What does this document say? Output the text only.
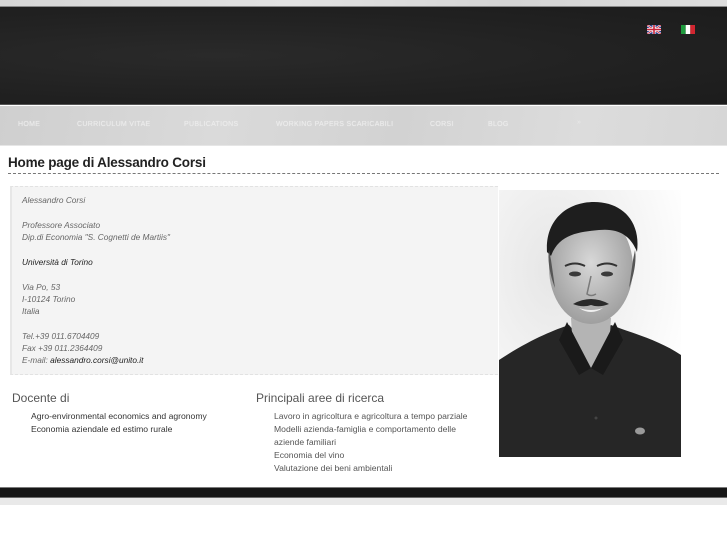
HOME	CURRICULUM VITAE	PUBLICATIONS	WORKING PAPERS SCARICABILI	CORSI	BLOG	»
Home page di Alessandro Corsi
Alessandro Corsi
Professore Associato
Dip.di Economia "S. Cognetti de Martiis"
Università di Torino
Via Po, 53
I-10124 Torino
Italia
Tel.+39 011.6704409
Fax +39 011.2364409
E-mail: alessandro.corsi@unito.it
Docente di
Agro-environmental economics and agronomy
Economia aziendale ed estimo rurale
Principali aree di ricerca
Lavoro in agricoltura e agricoltura a tempo parziale
Modelli azienda-famiglia e comportamento delle
aziende familiari
Economia del vino
Valutazione dei beni ambientali
